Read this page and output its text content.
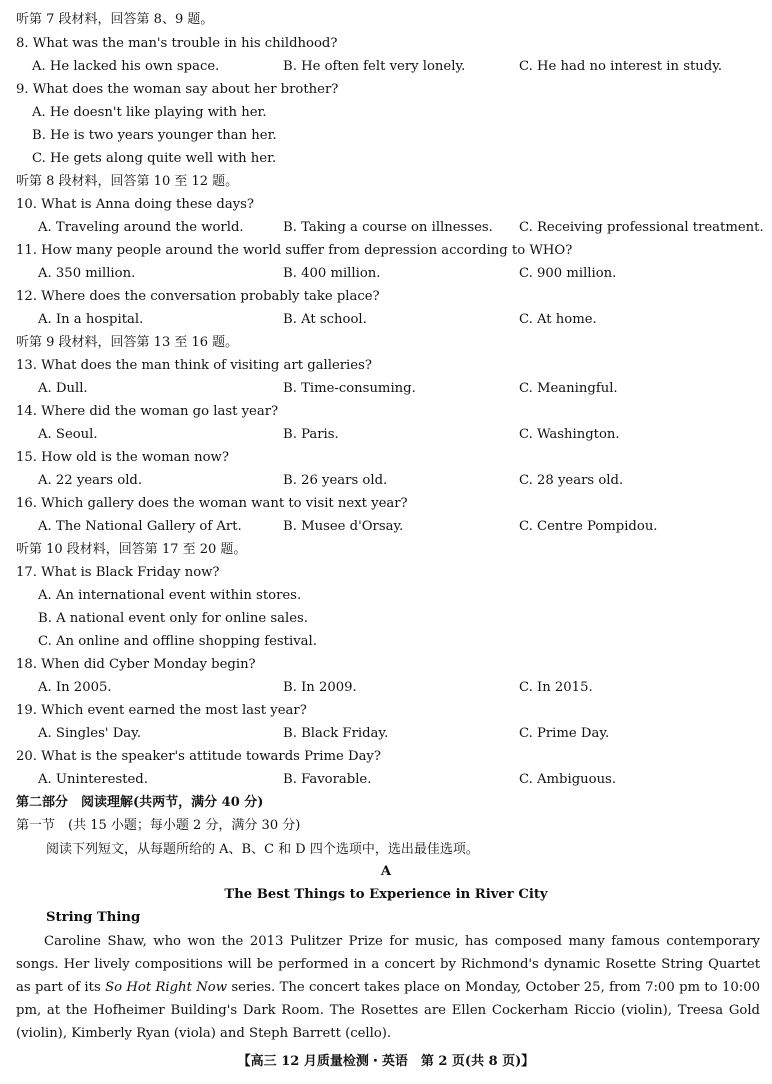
听第 7 段材料，回答第 8、9 题。
8. What was the man's trouble in his childhood?
A. He lacked his own space.	B. He often felt very lonely.	C. He had no interest in study.
9. What does the woman say about her brother?
A. He doesn't like playing with her.
B. He is two years younger than her.
C. He gets along quite well with her.
听第 8 段材料，回答第 10 至 12 题。
10. What is Anna doing these days?
A. Traveling around the world.	B. Taking a course on illnesses. C. Receiving professional treatment.
11. How many people around the world suffer from depression according to WHO?
A. 350 million.	B. 400 million.	C. 900 million.
12. Where does the conversation probably take place?
A. In a hospital.	B. At school.	C. At home.
听第 9 段材料，回答第 13 至 16 题。
13. What does the man think of visiting art galleries?
A. Dull.	B. Time-consuming.	C. Meaningful.
14. Where did the woman go last year?
A. Seoul.	B. Paris.	C. Washington.
15. How old is the woman now?
A. 22 years old.	B. 26 years old.	C. 28 years old.
16. Which gallery does the woman want to visit next year?
A. The National Gallery of Art.	B. Musee d'Orsay.	C. Centre Pompidou.
听第 10 段材料，回答第 17 至 20 题。
17. What is Black Friday now?
A. An international event within stores.
B. A national event only for online sales.
C. An online and offline shopping festival.
18. When did Cyber Monday begin?
A. In 2005.	B. In 2009.	C. In 2015.
19. Which event earned the most last year?
A. Singles' Day.	B. Black Friday.	C. Prime Day.
20. What is the speaker's attitude towards Prime Day?
A. Uninterested.	B. Favorable.	C. Ambiguous.
第二部分　阅读理解(共两节，满分 40 分)
第一节　(共 15 小题；每小题 2 分，满分 30 分)
阅读下列短文，从每题所给的 A、B、C 和 D 四个选项中，选出最佳选项。
A
The Best Things to Experience in River City
String Thing
Caroline Shaw, who won the 2013 Pulitzer Prize for music, has composed many famous contemporary songs. Her lively compositions will be performed in a concert by Richmond's dynamic Rosette String Quartet as part of its So Hot Right Now series. The concert takes place on Monday, October 25, from 7:00 pm to 10:00 pm, at the Hofheimer Building's Dark Room. The Rosettes are Ellen Cockerham Riccio (violin), Treesa Gold (violin), Kimberly Ryan (viola) and Steph Barrett (cello).
【高三 12 月质量检测・英语　第 2 页(共 8 页)】
